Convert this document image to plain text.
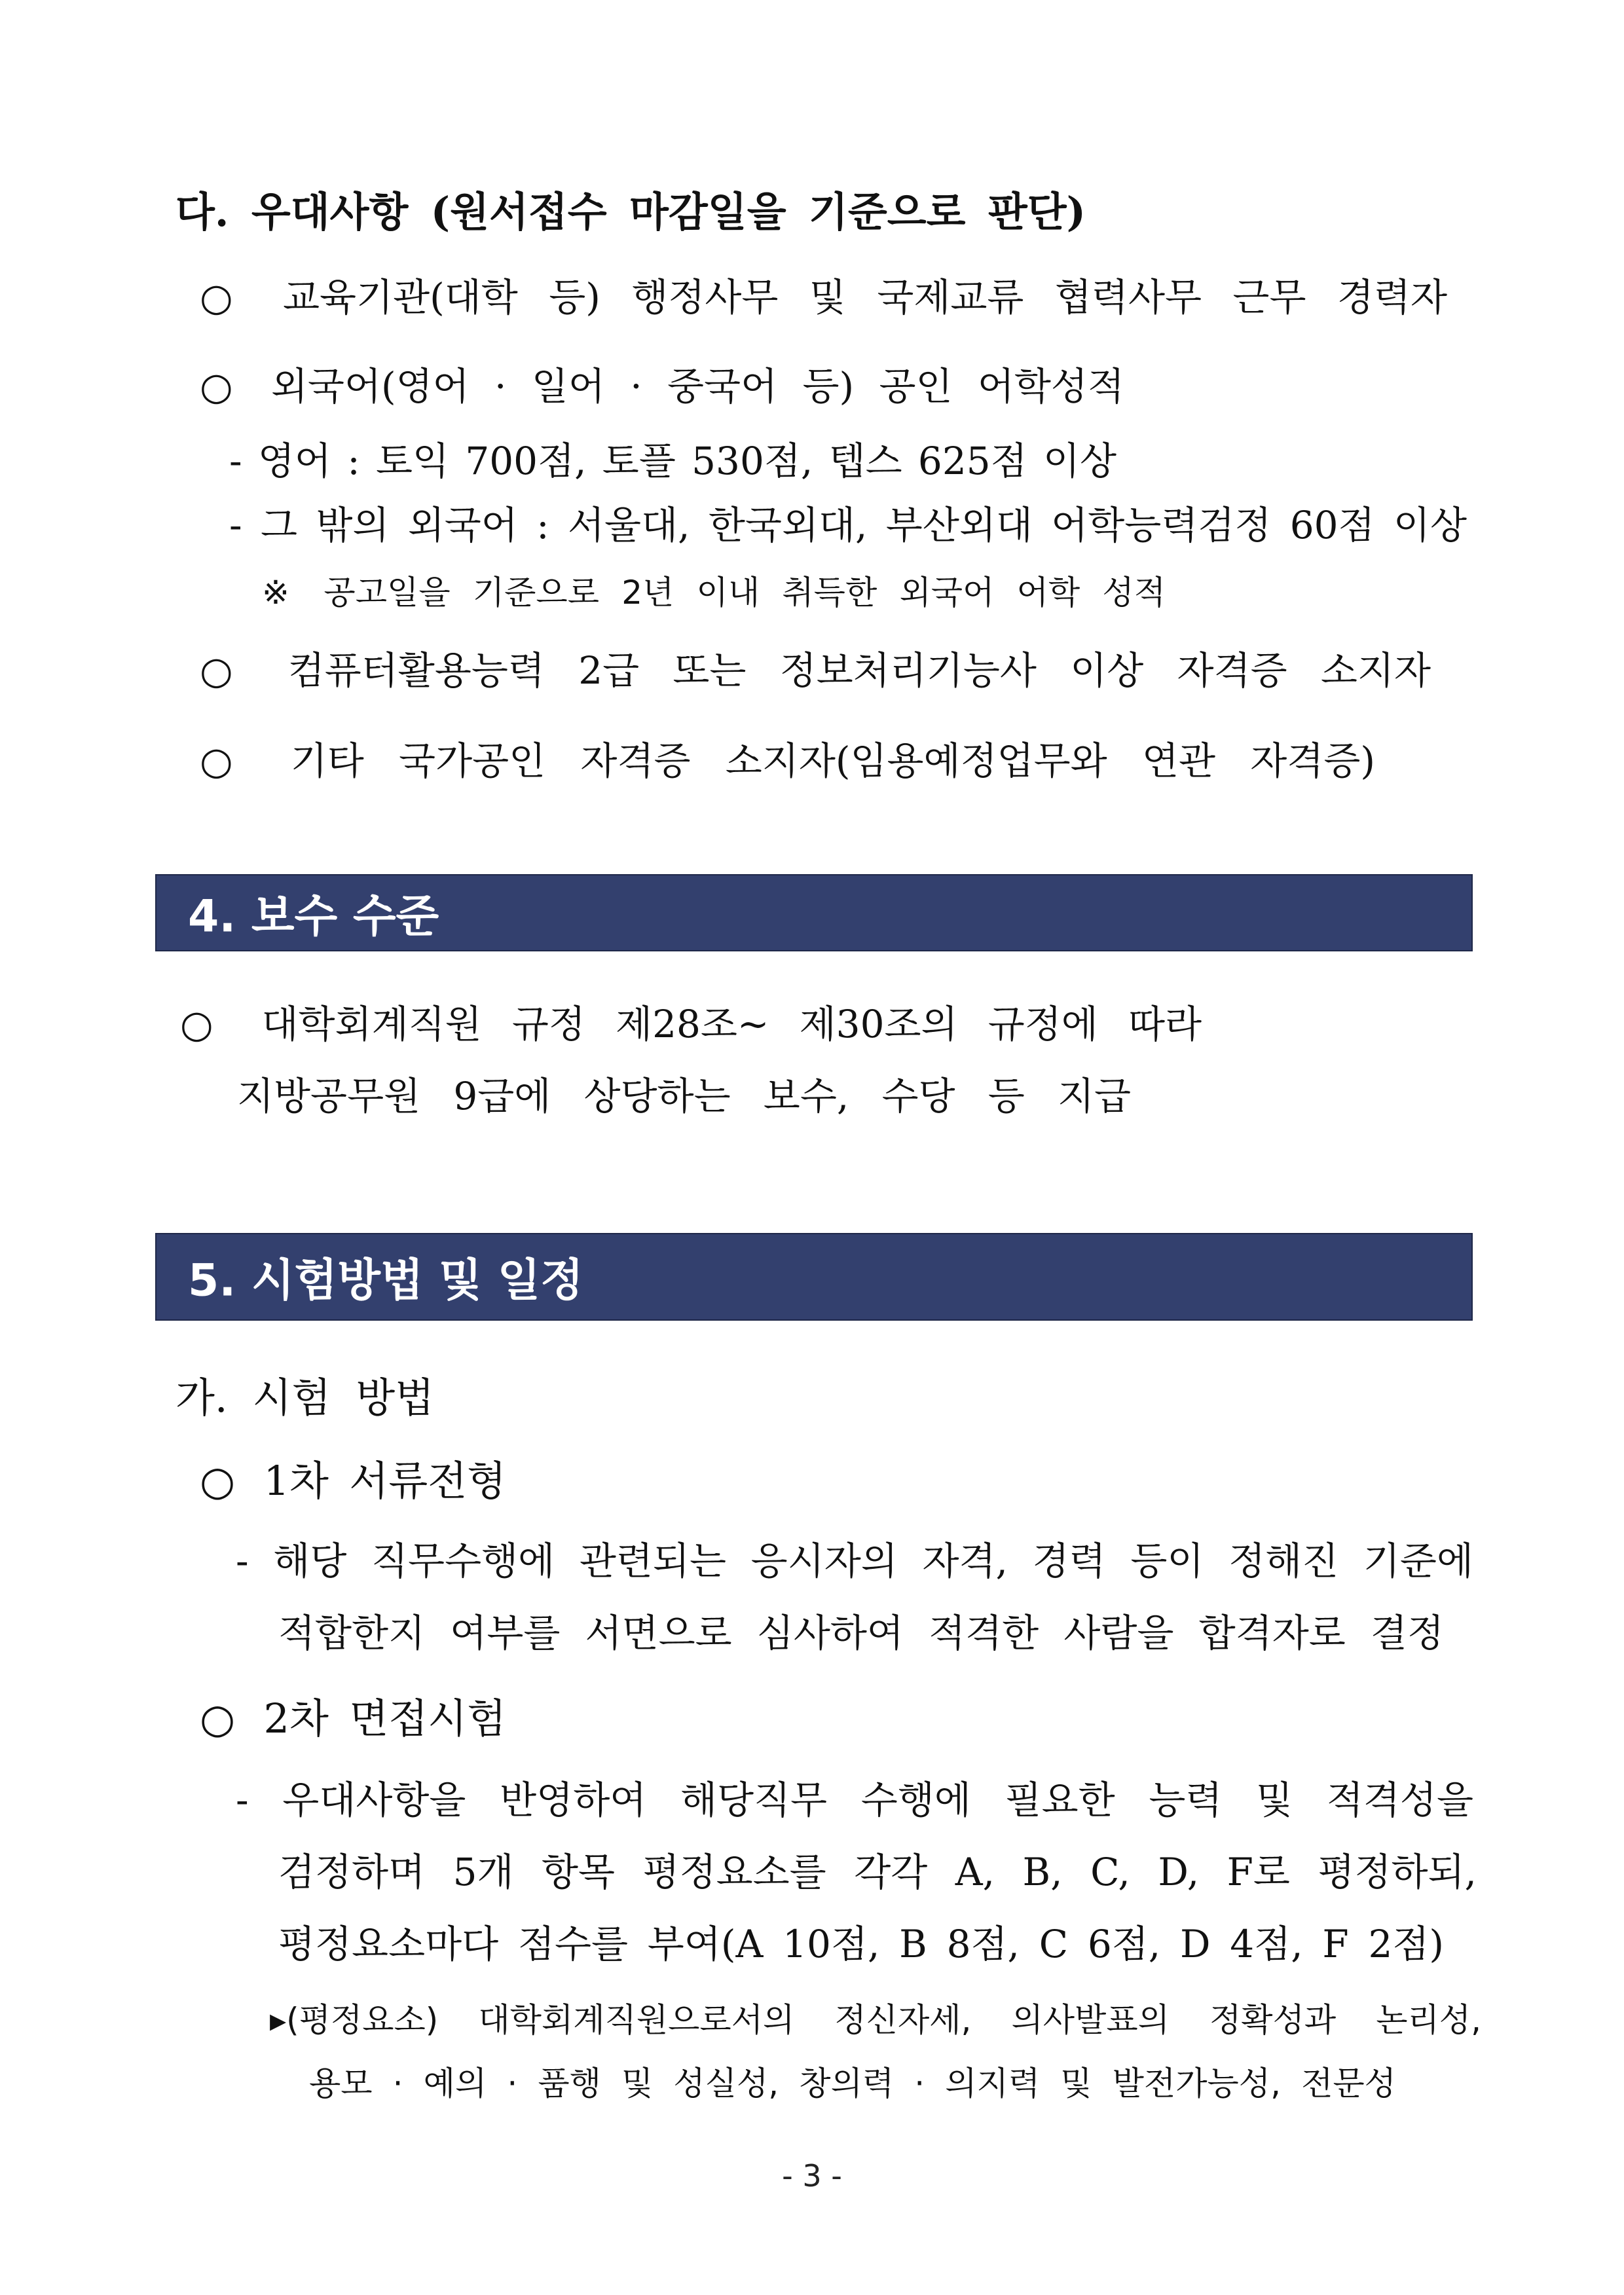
다. 우대사항 (원서접수 마감일을 기준으로 판단)

○ 교육기관(대학 등) 행정사무 및 국제교류 협력사무 근무 경력자

○ 외국어(영어 · 일어 · 중국어 등) 공인 어학성적

- 영어 : 토익 700점, 토플 530점, 텝스 625점 이상

- 그 밖의 외국어 : 서울대, 한국외대, 부산외대 어학능력검정 60점 이상

※ 공고일을 기준으로 2년 이내 취득한 외국어 어학 성적

○ 컴퓨터활용능력 2급 또는 정보처리기능사 이상 자격증 소지자

○ 기타 국가공인 자격증 소지자(임용예정업무와 연관 자격증)

4. 보수 수준

○ 대학회계직원 규정 제28조~ 제30조의 규정에 따라

지방공무원 9급에 상당하는 보수, 수당 등 지급

5. 시험방법 및 일정

가. 시험 방법

○ 1차 서류전형

- 해당 직무수행에 관련되는 응시자의 자격, 경력 등이 정해진 기준에

적합한지 여부를 서면으로 심사하여 적격한 사람을 합격자로 결정

○ 2차 면접시험

- 우대사항을 반영하여 해당직무 수행에 필요한 능력 및 적격성을

검정하며 5개 항목 평정요소를 각각 A, B, C, D, F로 평정하되,

평정요소마다 점수를 부여(A 10점, B 8점, C 6점, D 4점, F 2점)

▸(평정요소) 대학회계직원으로서의 정신자세, 의사발표의 정확성과 논리성,

용모 · 예의 · 품행 및 성실성, 창의력 · 의지력 및 발전가능성, 전문성

- 3 -
